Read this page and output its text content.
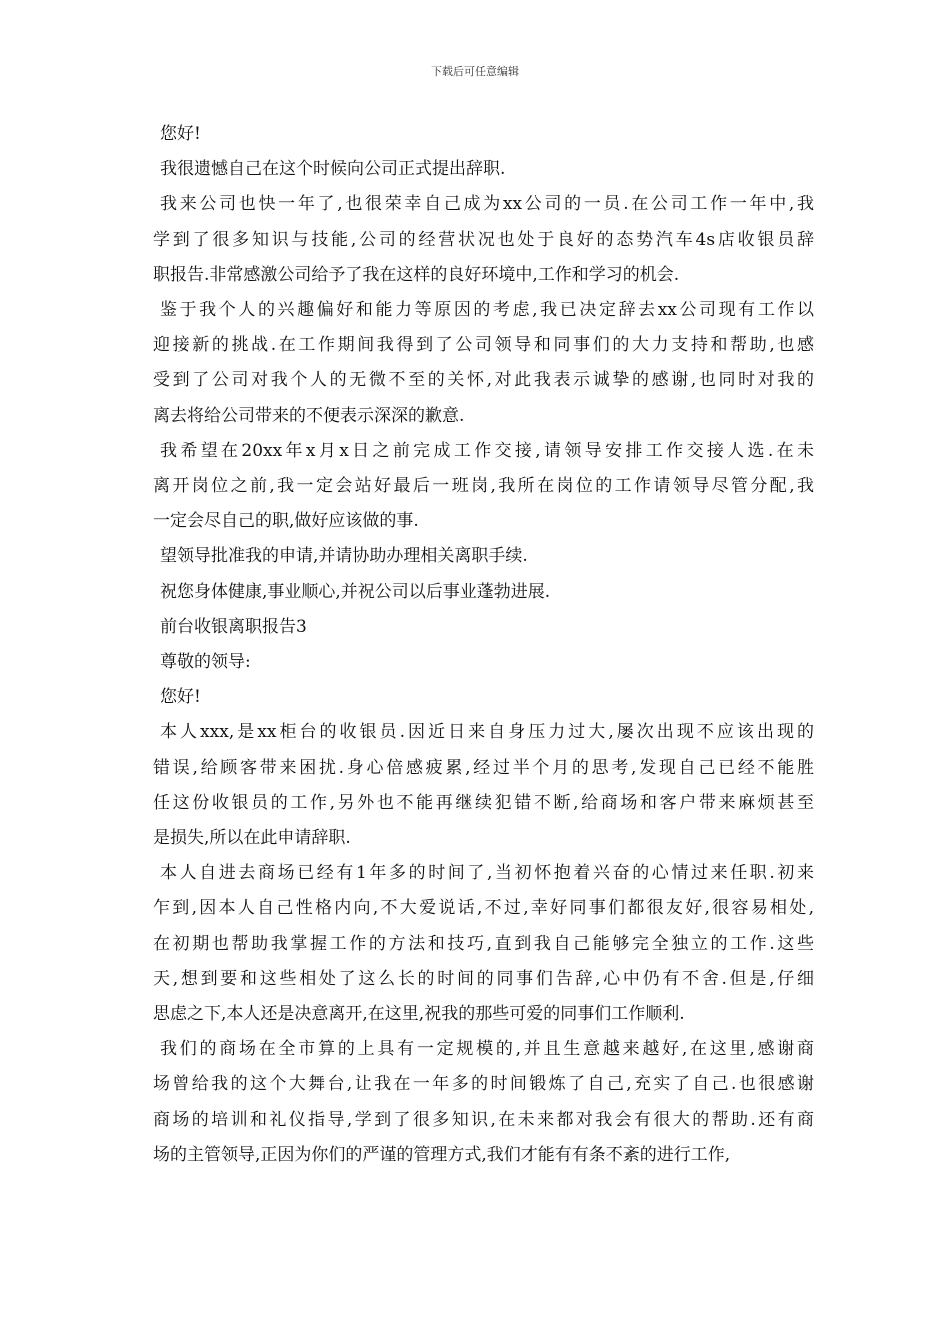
下载后可任意编辑
您好!
我很遗憾自己在这个时候向公司正式提出辞职.
我来公司也快一年了,也很荣幸自己成为xx公司的一员.在公司工作一年中,我
学到了很多知识与技能,公司的经营状况也处于良好的态势汽车4s店收银员辞
职报告.非常感激公司给予了我在这样的良好环境中,工作和学习的机会.
鉴于我个人的兴趣偏好和能力等原因的考虑,我已决定辞去xx公司现有工作以
迎接新的挑战.在工作期间我得到了公司领导和同事们的大力支持和帮助,也感
受到了公司对我个人的无微不至的关怀,对此我表示诚挚的感谢,也同时对我的
离去将给公司带来的不便表示深深的歉意.
我希望在20xx年x月x日之前完成工作交接,请领导安排工作交接人选.在未
离开岗位之前,我一定会站好最后一班岗,我所在岗位的工作请领导尽管分配,我
一定会尽自己的职,做好应该做的事.
望领导批准我的申请,并请协助办理相关离职手续.
祝您身体健康,事业顺心,并祝公司以后事业蓬勃进展.
前台收银离职报告3
尊敬的领导:
您好!
本人xxx,是xx柜台的收银员.因近日来自身压力过大,屡次出现不应该出现的
错误,给顾客带来困扰.身心倍感疲累,经过半个月的思考,发现自己已经不能胜
任这份收银员的工作,另外也不能再继续犯错不断,给商场和客户带来麻烦甚至
是损失,所以在此申请辞职.
本人自进去商场已经有1年多的时间了,当初怀抱着兴奋的心情过来任职.初来
乍到,因本人自己性格内向,不大爱说话,不过,幸好同事们都很友好,很容易相处,
在初期也帮助我掌握工作的方法和技巧,直到我自己能够完全独立的工作.这些
天,想到要和这些相处了这么长的时间的同事们告辞,心中仍有不舍.但是,仔细
思虑之下,本人还是决意离开,在这里,祝我的那些可爱的同事们工作顺利.
我们的商场在全市算的上具有一定规模的,并且生意越来越好,在这里,感谢商
场曾给我的这个大舞台,让我在一年多的时间锻炼了自己,充实了自己.也很感谢
商场的培训和礼仪指导,学到了很多知识,在未来都对我会有很大的帮助.还有商
场的主管领导,正因为你们的严谨的管理方式,我们才能有有条不紊的进行工作,
